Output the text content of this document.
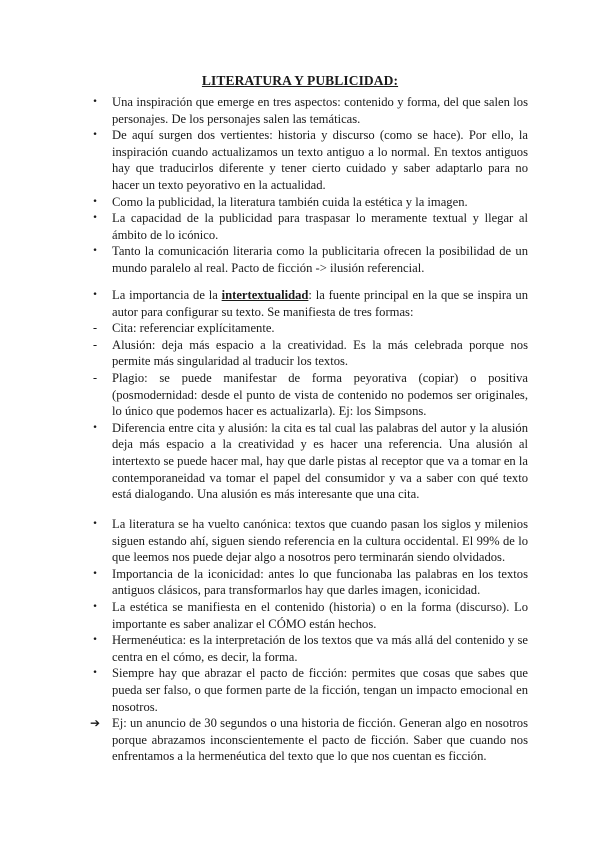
LITERATURA Y PUBLICIDAD:
•	Una inspiración que emerge en tres aspectos: contenido y forma, del que salen los personajes. De los personajes salen las temáticas.
•	De aquí surgen dos vertientes: historia y discurso (como se hace). Por ello, la inspiración cuando actualizamos un texto antiguo a lo normal. En textos antiguos hay que traducirlos diferente y tener cierto cuidado y saber adaptarlo para no hacer un texto peyorativo en la actualidad.
•	Como la publicidad, la literatura también cuida la estética y la imagen.
•	La capacidad de la publicidad para traspasar lo meramente textual y llegar al ámbito de lo icónico.
•	Tanto la comunicación literaria como la publicitaria ofrecen la posibilidad de un mundo paralelo al real. Pacto de ficción -> ilusión referencial.
•	La importancia de la intertextualidad: la fuente principal en la que se inspira un autor para configurar su texto. Se manifiesta de tres formas:
-	Cita: referenciar explícitamente.
-	Alusión: deja más espacio a la creatividad. Es la más celebrada porque nos permite más singularidad al traducir los textos.
-	Plagio: se puede manifestar de forma peyorativa (copiar) o positiva (posmodernidad: desde el punto de vista de contenido no podemos ser originales, lo único que podemos hacer es actualizarla). Ej: los Simpsons.
•	Diferencia entre cita y alusión: la cita es tal cual las palabras del autor y la alusión deja más espacio a la creatividad y es hacer una referencia. Una alusión al intertexto se puede hacer mal, hay que darle pistas al receptor que va a tomar en la contemporaneidad va tomar el papel del consumidor y va a saber con qué texto está dialogando. Una alusión es más interesante que una cita.
•	La literatura se ha vuelto canónica: textos que cuando pasan los siglos y milenios siguen estando ahí, siguen siendo referencia en la cultura occidental. El 99% de lo que leemos nos puede dejar algo a nosotros pero terminarán siendo olvidados.
•	Importancia de la iconicidad: antes lo que funcionaba las palabras en los textos antiguos clásicos, para transformarlos hay que darles imagen, iconicidad.
•	La estética se manifiesta en el contenido (historia) o en la forma (discurso). Lo importante es saber analizar el CÓMO están hechos.
•	Hermenéutica: es la interpretación de los textos que va más allá del contenido y se centra en el cómo, es decir, la forma.
•	Siempre hay que abrazar el pacto de ficción: permites que cosas que sabes que pueda ser falso, o que formen parte de la ficción, tengan un impacto emocional en nosotros.
➔ Ej: un anuncio de 30 segundos o una historia de ficción. Generan algo en nosotros porque abrazamos inconscientemente el pacto de ficción. Saber que cuando nos enfrentamos a la hermenéutica del texto que lo que nos cuentan es ficción.
